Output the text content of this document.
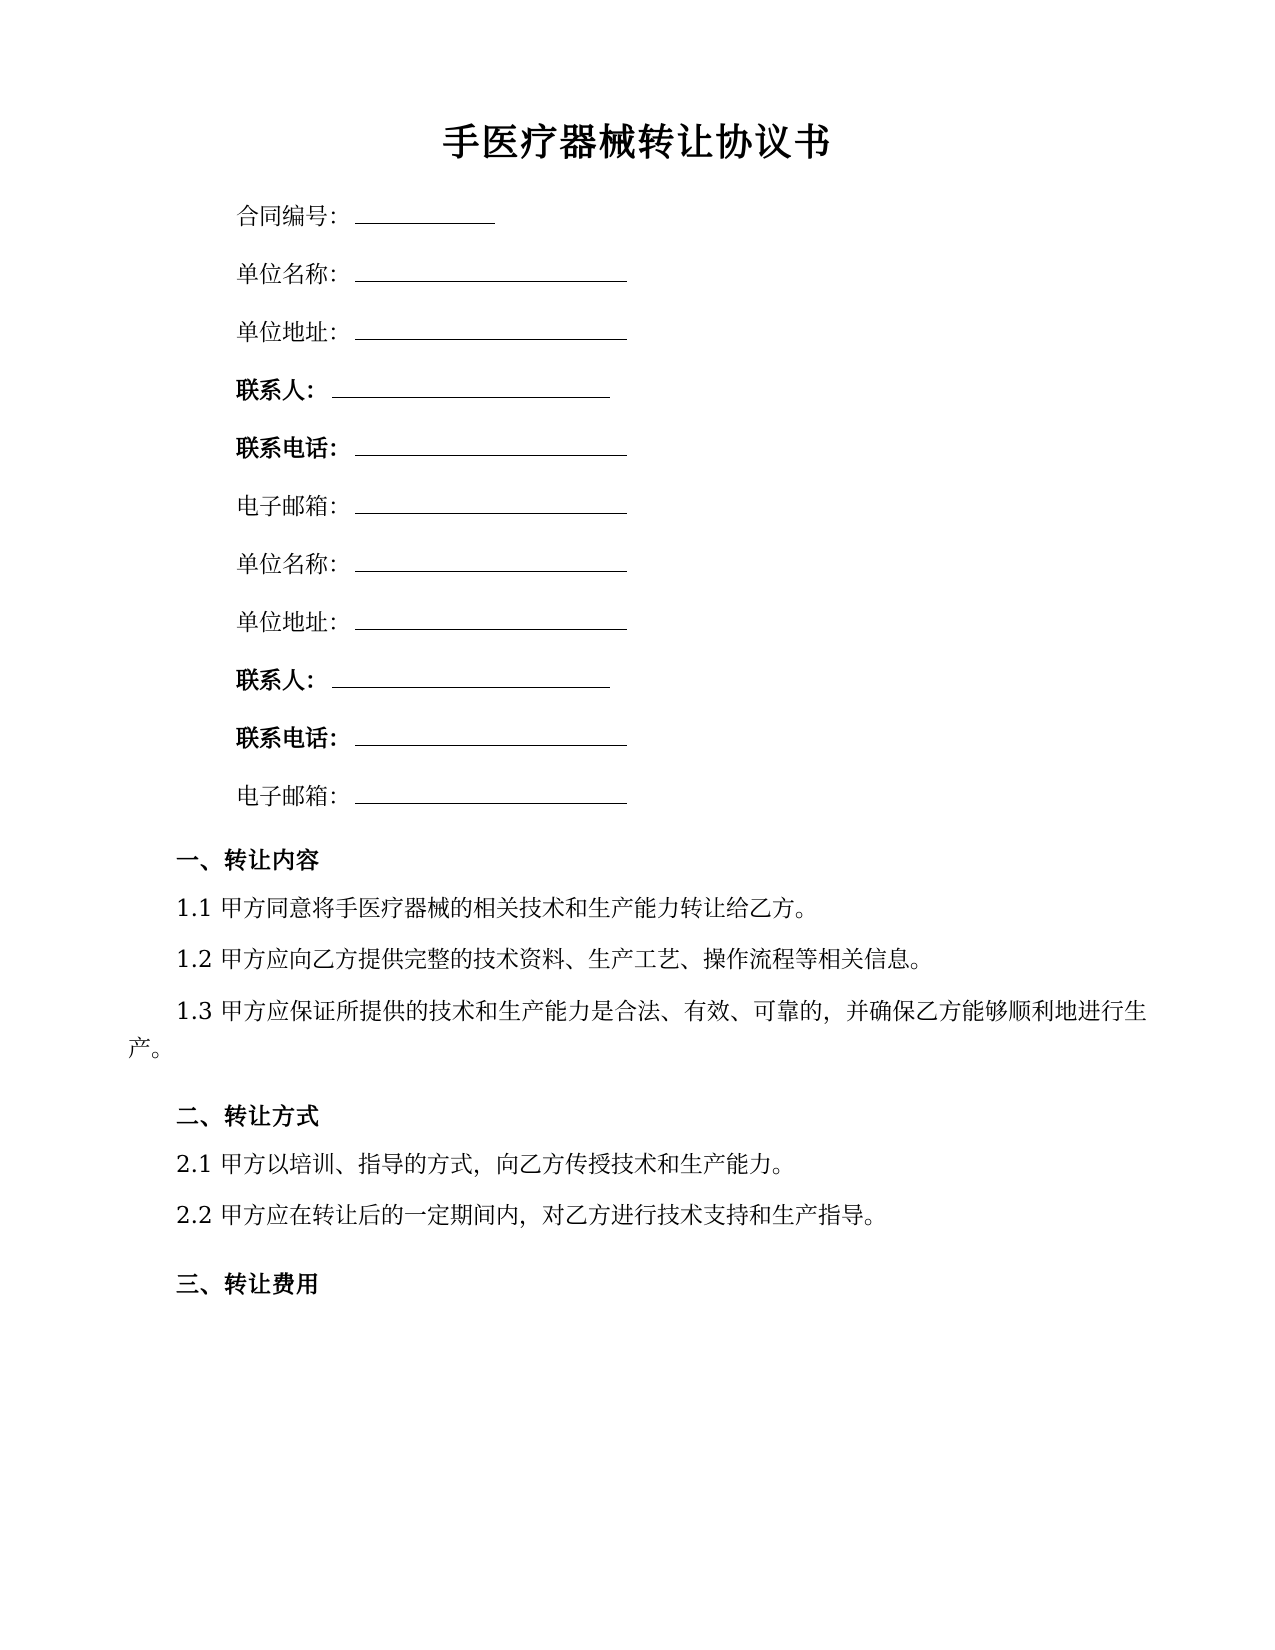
手医疗器械转让协议书
合同编号：
单位名称：
单位地址：
联系人：
联系电话：
电子邮箱：
单位名称：
单位地址：
联系人：
联系电话：
电子邮箱：
一、转让内容

1.1 甲方同意将手医疗器械的相关技术和生产能力转让给乙方。

1.2 甲方应向乙方提供完整的技术资料、生产工艺、操作流程等相关信息。

1.3 甲方应保证所提供的技术和生产能力是合法、有效、可靠的，并确保乙方能够顺利地进行生产。

二、转让方式

2.1 甲方以培训、指导的方式，向乙方传授技术和生产能力。

2.2 甲方应在转让后的一定期间内，对乙方进行技术支持和生产指导。

三、转让费用
